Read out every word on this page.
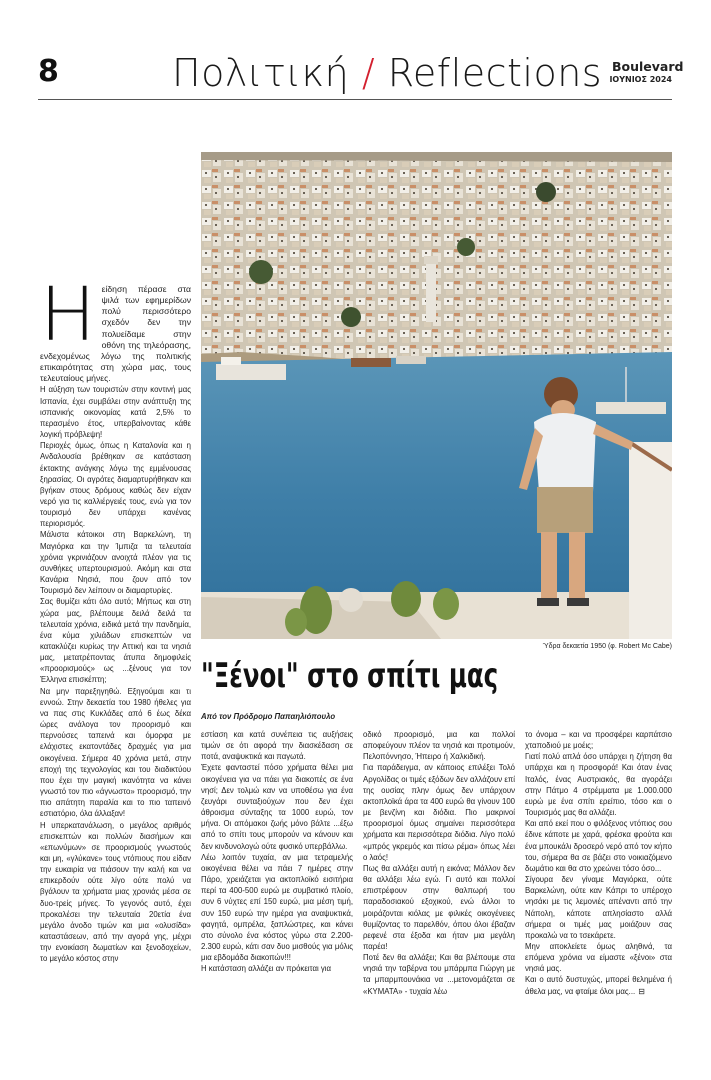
8	Πολιτική / Reflections Boulevard
ΙΟΥΝΙΟΣ 2024
Ύδρα δεκαετία 1950 (φ. Robert Mc Cabe)
"Ξένοι" στο σπίτι μας
Από τον Πρόδρομο Παπαηλιόπουλο
Η είδηση πέρασε στα ψιλά των εφημερίδων πολύ περισσότερο σχεδόν δεν την πολυείδαμε στην οθόνη της τηλεόρασης, ενδεχομένως λόγω της πολιτικής επικαιρότητας στη χώρα μας, τους τελευταίους μήνες.

Η αύξηση των τουριστών στην κοντινή μας Ισπανία, έχει συμβάλει στην ανάπτυξη της ισπανικής οικονομίας κατά 2,5% το περασμένο έτος, υπερβαίνοντας κάθε λογική πρόβλεψη!

Περιοχές όμως, όπως η Καταλονία και η Ανδαλουσία βρέθηκαν σε κατάσταση έκτακτης ανάγκης λόγω της εμμένουσας ξηρασίας. Οι αγρότες διαμαρτυρήθηκαν και βγήκαν στους δρόμους καθώς δεν είχαν νερό για τις καλλιέργειές τους, ενώ για τον τουρισμό δεν υπάρχει κανένας περιορισμός.

Μάλιστα κάτοικοι στη Βαρκελώνη, τη Μαγιόρκα και την Ίμπιζα τα τελευταία χρόνια γκρινιάζουν ανοιχτά πλέον για τις συνθήκες υπερτουρισμού. Ακόμη και στα Κανάρια Νησιά, που ζουν από τον Τουρισμό δεν λείπουν οι διαμαρτυρίες.

Σας θυμίζει κάτι όλο αυτό; Μήπως και στη χώρα μας, βλέπουμε δειλά δειλά τα τελευταία χρόνια, ειδικά μετά την πανδημία, ένα κύμα χιλιάδων επισκεπτών να κατακλύζει κυρίως την Αττική και τα νησιά μας, μετατρέποντας άτυπα δημοφιλείς «προορισμούς» ως ...ξένους για τον Έλληνα επισκέπτη;

Να μην παρεξηγηθώ. Εξηγούμαι και τι εννοώ. Στην δεκαετία του 1980 ήθελες για να πας στις Κυκλάδες από 6 έως δέκα ώρες ανάλογα τον προορισμό και περνούσες ταπεινά και όμορφα με ελάχιστες εκατοντάδες δραχμές για μια οικογένεια. Σήμερα 40 χρόνια μετά, στην εποχή της τεχνολογίας και του διαδικτύου που έχει την μαγική ικανότητα να κάνει γνωστό τον πιο «άγνωστο» προορισμό, την πιο απάτητη παραλία και το πιο ταπεινό εστιατόριο, όλα άλλαξαν!

Η υπερκατανάλωση, ο μεγάλος αριθμός επισκεπτών και πολλών διασήμων και «επωνύμων» σε προορισμούς γνωστούς και μη, «γλύκανε» τους ντόπιους που είδαν την ευκαιρία να πιάσουν την καλή και να επικερδούν ούτε λίγο ούτε πολύ να βγάλουν τα χρήματα μιας χρονιάς μέσα σε δυο-τρείς μήνες. Το γεγονός αυτό, έχει προκαλέσει την τελευταία 20ετία ένα μεγάλο άνοδο τιμών και μια «ολυσίδα» καταστάσεων, από την αγορά γης, μέχρι την ενοικίαση δωματίων και ξενοδοχείων, το μεγάλο κόστος στην

εστίαση και κατά συνέπεια τις αυξήσεις τιμών σε ότι αφορά την διασκέδαση σε ποτά, αναψυκτικά και παγωτά.

Έχετε φανταστεί πόσο χρήματα θέλει μια οικογένεια για να πάει για διακοπές σε ένα νησί; Δεν τολμώ καν να υποθέσω για ένα ζευγάρι συνταξιούχων που δεν έχει άθροισμα σύνταξης τα 1000 ευρώ, τον μήνα. Οι απόμακοι ζωής μόνο βάλτε ...έξω από το σπίτι τους μπορούν να κάνουν και δεν κινδυνολογώ ούτε φυσικό υπερβάλλω.

Λέω λοιπόν τυχαία, αν μια τετραμελής οικογένεια θέλει να πάει 7 ημέρες στην Πάρο, χρειάζεται για ακτοπλοϊκό εισιτήρια περί τα 400-500 ευρώ με συμβατικό πλοίο, συν 6 νύχτες επί 150 ευρώ, μια μέση τιμή, συν 150 ευρώ την ημέρα για αναψυκτικά, φαγητά, ομπρέλα, ξαπλώστρες, και κάνει στο σύνολο ένα κόστος γύρω στα 2.200-2.300 ευρώ, κάτι σαν δυο μισθούς για μόλις μια εβδομάδα διακοπών!!!

Η κατάσταση αλλάζει αν πρόκειται για

οδικό προορισμό, μια και πολλοί αποφεύγουν πλέον τα νησιά και προτιμούν, Πελοπόννησο, Ήπειρο ή Χαλκιδική.

Για παράδειγμα, αν κάποιος επιλέξει Τολό Αργολίδας οι τιμές εξόδων δεν αλλάζουν επί της ουσίας πλην όμως δεν υπάρχουν ακτοπλοϊκά άρα τα 400 ευρώ θα γίνουν 100 με βενζίνη και διόδια. Πιο μακρινοί προορισμοί όμως σημαίνει περισσότερα χρήματα και περισσότερα διόδια. Λίγο πολύ «μπρός γκρεμός και πίσω ρέμα» όπως λέει ο λαός!

Πως θα αλλάξει αυτή η εικόνα; Μάλλον δεν θα αλλάξει λέω εγώ. Γι αυτό και πολλοί επιστρέφουν στην θαλπωρή του παραδοσιακού εξοχικού, ενώ άλλοι το μοιράζονται κιόλας με φιλικές οικογένειες θυμίζοντας το παρελθόν, όπου όλοι έβαζαν ρεφενέ στα έξοδα και ήταν μια μεγάλη παρέα!

Ποτέ δεν θα αλλάξει; Και θα βλέπουμε στα νησιά την ταβέρνα του μπάρμπα Γιώργη με τα μπαρμπουνάκια να ...μετονομάζεται σε «ΚΥΜΑΤΑ» - τυχαία λέω

το όνομα – και να προσφέρει καρπάτσιο χταποδιού με μοέις;

Γιατί πολύ απλά όσο υπάρχει η ζήτηση θα υπάρχει και η προσφορά! Και όταν ένας Ιταλός, ένας Αυστριακός, θα αγοράζει στην Πάτμο 4 στρέμματα με 1.000.000 ευρώ με ένα σπίτι ερείπιο, τόσο και ο Τουρισμός μας θα αλλάζει.

Και από εκεί που ο φιλόξενος ντόπιος σου έδινε κάποτε με χαρά, φρέσκα φρούτα και ένα μπουκάλι δροσερό νερό από τον κήπο του, σήμερα θα σε βάζει στο νοικιαζόμενο δωμάτιο και θα στο χρεώνει τόσο όσο...

Σίγουρα δεν γίναμε Μαγιόρκα, ούτε Βαρκελώνη, ούτε καν Κάπρι το υπέροχο νησάκι με τις λεμονιές απέναντι από την Νάπολη, κάποτε απλησίαστο αλλά σήμερα οι τιμές μας μοιάζουν σας προκαλώ να το τσεκάρετε.

Μην αποκλείετε όμως αληθινά, τα επόμενα χρόνια να είμαστε «ξένοι» στα νησιά μας.

Και ο αυτό δυστυχώς, μπορεί θελημένα ή άθελα μας, να φταίμε όλοι μας... ⊟
